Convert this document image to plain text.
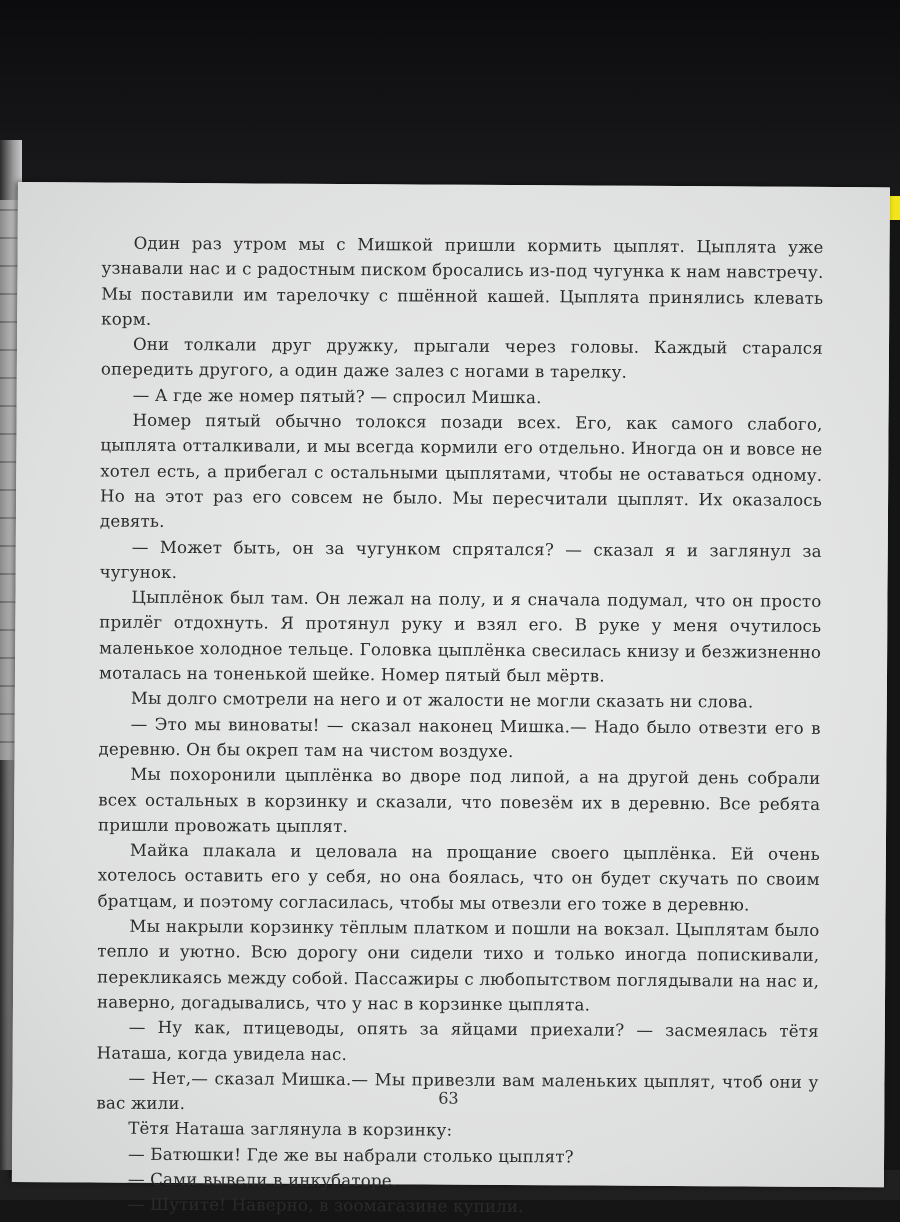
Один раз утром мы с Мишкой пришли кормить цыплят. Цыплята уже узнавали нас и с радостным писком бросались из-под чугунка к нам навстречу. Мы поставили им тарелочку с пшённой кашей. Цыплята принялись клевать корм.

Они толкали друг дружку, прыгали через головы. Каждый старался опередить другого, а один даже залез с ногами в тарелку.

— А где же номер пятый? — спросил Мишка.

Номер пятый обычно толокся позади всех. Его, как самого слабого, цыплята отталкивали, и мы всегда кормили его отдельно. Иногда он и вовсе не хотел есть, а прибегал с остальными цыплятами, чтобы не оставаться одному. Но на этот раз его совсем не было. Мы пересчитали цыплят. Их оказалось девять.

— Может быть, он за чугунком спрятался? — сказал я и заглянул за чугунок.

Цыплёнок был там. Он лежал на полу, и я сначала подумал, что он просто прилёг отдохнуть. Я протянул руку и взял его. В руке у меня очутилось маленькое холодное тельце. Головка цыплёнка свесилась книзу и безжизненно моталась на тоненькой шейке. Номер пятый был мёртв.

Мы долго смотрели на него и от жалости не могли сказать ни слова.

— Это мы виноваты! — сказал наконец Мишка.— Надо было отвезти его в деревню. Он бы окреп там на чистом воздухе.

Мы похоронили цыплёнка во дворе под липой, а на другой день собрали всех остальных в корзинку и сказали, что повезём их в деревню. Все ребята пришли провожать цыплят.

Майка плакала и целовала на прощание своего цыплёнка. Ей очень хотелось оставить его у себя, но она боялась, что он будет скучать по своим братцам, и поэтому согласилась, чтобы мы отвезли его тоже в деревню.

Мы накрыли корзинку тёплым платком и пошли на вокзал. Цыплятам было тепло и уютно. Всю дорогу они сидели тихо и только иногда попискивали, перекликаясь между собой. Пассажиры с любопытством поглядывали на нас и, наверно, догадывались, что у нас в корзинке цыплята.

— Ну как, птицеводы, опять за яйцами приехали? — засмеялась тётя Наташа, когда увидела нас.

— Нет,— сказал Мишка.— Мы привезли вам маленьких цыплят, чтоб они у вас жили.

Тётя Наташа заглянула в корзинку:

— Батюшки! Где же вы набрали столько цыплят?

— Сами вывели в инкубаторе.

— Шутите! Наверно, в зоомагазине купили.

63
